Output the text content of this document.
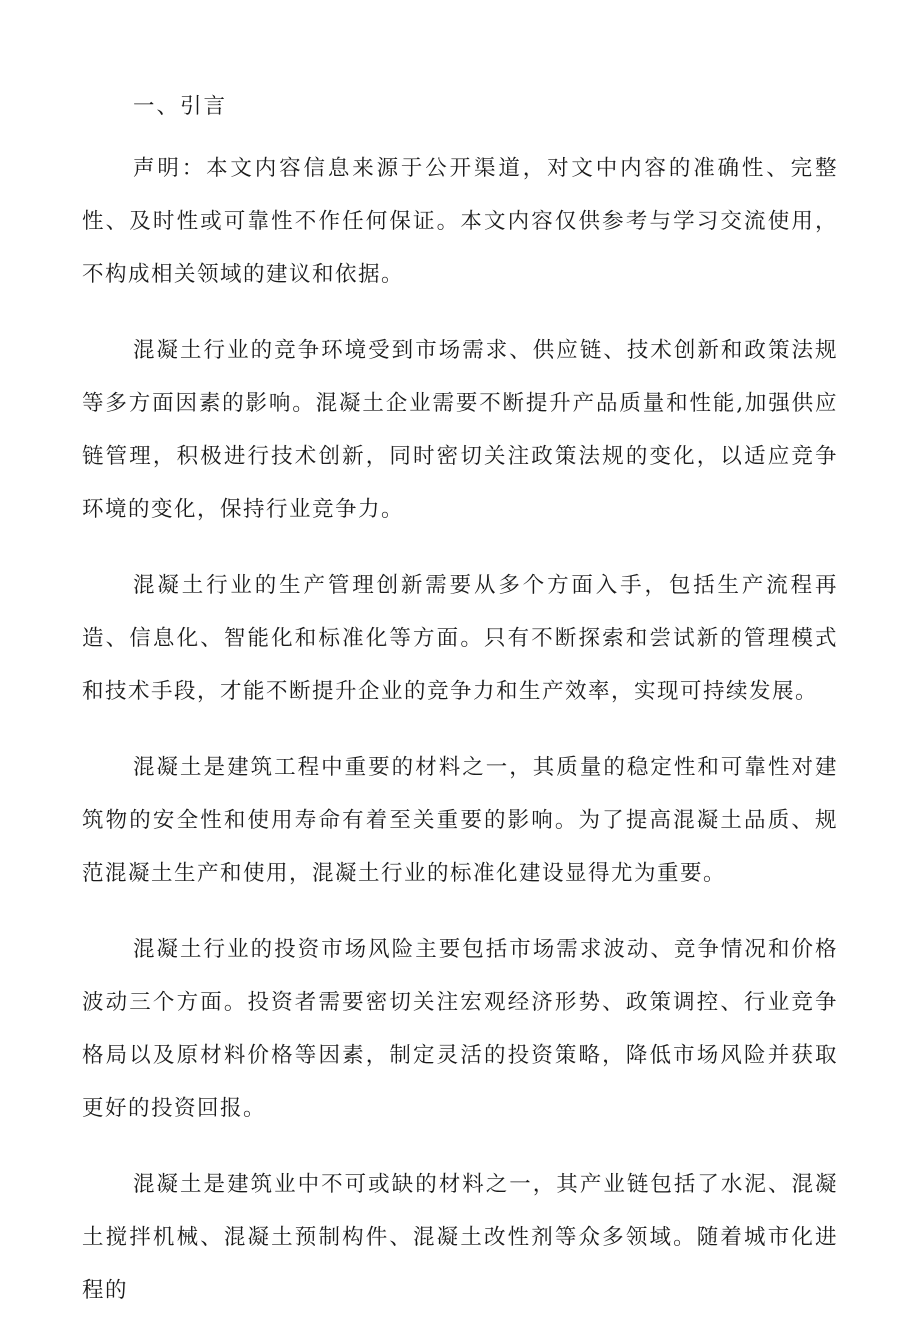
一、引言

声明：本文内容信息来源于公开渠道，对文中内容的准确性、完整性、及时性或可靠性不作任何保证。本文内容仅供参考与学习交流使用，不构成相关领域的建议和依据。

混凝土行业的竞争环境受到市场需求、供应链、技术创新和政策法规等多方面因素的影响。混凝土企业需要不断提升产品质量和性能,加强供应链管理，积极进行技术创新，同时密切关注政策法规的变化，以适应竞争环境的变化，保持行业竞争力。

混凝土行业的生产管理创新需要从多个方面入手，包括生产流程再造、信息化、智能化和标准化等方面。只有不断探索和尝试新的管理模式和技术手段，才能不断提升企业的竞争力和生产效率，实现可持续发展。

混凝土是建筑工程中重要的材料之一，其质量的稳定性和可靠性对建筑物的安全性和使用寿命有着至关重要的影响。为了提高混凝土品质、规范混凝土生产和使用，混凝土行业的标准化建设显得尤为重要。

混凝土行业的投资市场风险主要包括市场需求波动、竞争情况和价格波动三个方面。投资者需要密切关注宏观经济形势、政策调控、行业竞争格局以及原材料价格等因素，制定灵活的投资策略，降低市场风险并获取更好的投资回报。

混凝土是建筑业中不可或缺的材料之一，其产业链包括了水泥、混凝土搅拌机械、混凝土预制构件、混凝土改性剂等众多领域。随着城市化进程的
